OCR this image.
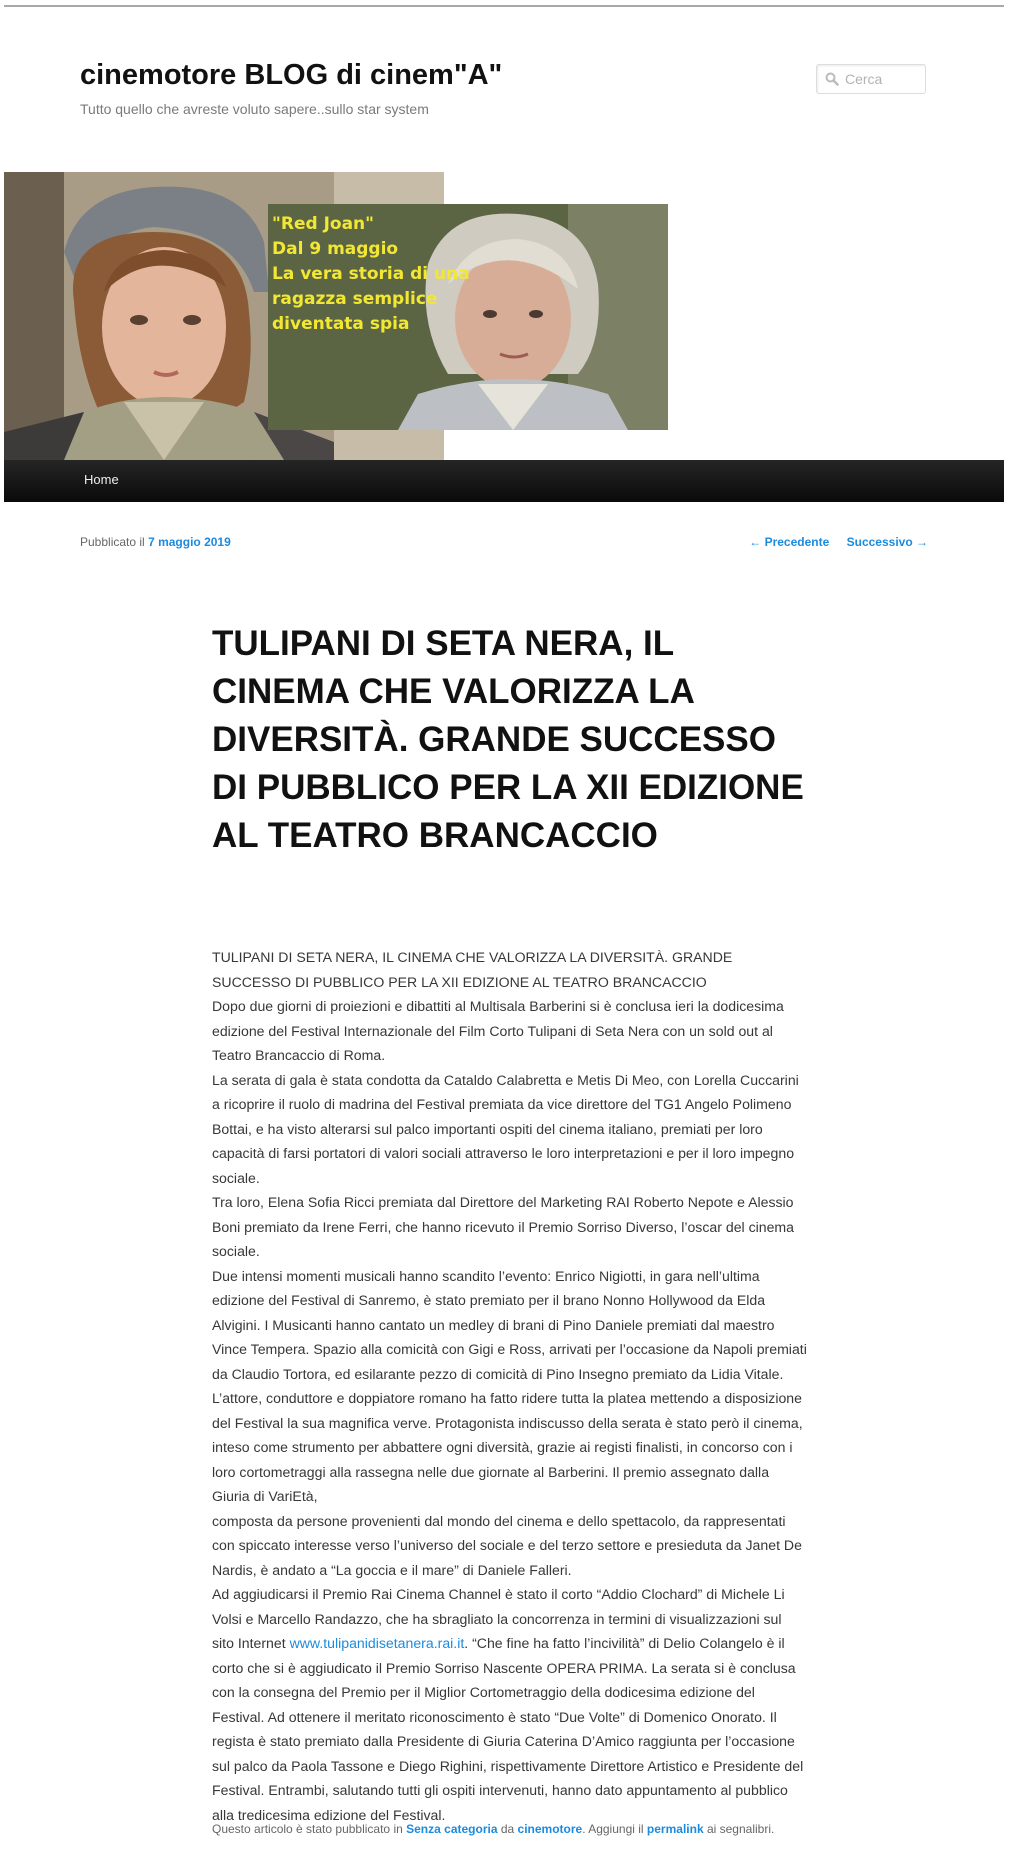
cinemotore BLOG di cinem"A"

Tutto quello che avreste voluto sapere..sullo star system

Cerca
"Red Joan"
Dal 9 maggio
La vera storia di una
ragazza semplice
diventata spia
Home
Pubblicato il 7 maggio 2019	← Precedente Successivo →
TULIPANI DI SETA NERA, IL CINEMA CHE VALORIZZA LA DIVERSITÀ. GRANDE SUCCESSO DI PUBBLICO PER LA XII EDIZIONE AL TEATRO BRANCACCIO

TULIPANI DI SETA NERA, IL CINEMA CHE VALORIZZA LA DIVERSITÀ. GRANDE SUCCESSO DI PUBBLICO PER LA XII EDIZIONE AL TEATRO BRANCACCIO

Dopo due giorni di proiezioni e dibattiti al Multisala Barberini si è conclusa ieri la dodicesima edizione del Festival Internazionale del Film Corto Tulipani di Seta Nera con un sold out al Teatro Brancaccio di Roma.

La serata di gala è stata condotta da Cataldo Calabretta e Metis Di Meo, con Lorella Cuccarini a ricoprire il ruolo di madrina del Festival premiata da vice direttore del TG1 Angelo Polimeno Bottai, e ha visto alterarsi sul palco importanti ospiti del cinema italiano, premiati per loro capacità di farsi portatori di valori sociali attraverso le loro interpretazioni e per il loro impegno sociale.

Tra loro, Elena Sofia Ricci premiata dal Direttore del Marketing RAI Roberto Nepote e Alessio Boni premiato da Irene Ferri, che hanno ricevuto il Premio Sorriso Diverso, l’oscar del cinema sociale.

Due intensi momenti musicali hanno scandito l’evento: Enrico Nigiotti, in gara nell’ultima edizione del Festival di Sanremo, è stato premiato per il brano Nonno Hollywood da Elda Alvigini. I Musicanti hanno cantato un medley di brani di Pino Daniele premiati dal maestro Vince Tempera. Spazio alla comicità con Gigi e Ross, arrivati per l’occasione da Napoli premiati da Claudio Tortora, ed esilarante pezzo di comicità di Pino Insegno premiato da Lidia Vitale. L’attore, conduttore e doppiatore romano ha fatto ridere tutta la platea mettendo a disposizione del Festival la sua magnifica verve. Protagonista indiscusso della serata è stato però il cinema, inteso come strumento per abbattere ogni diversità, grazie ai registi finalisti, in concorso con i loro cortometraggi alla rassegna nelle due giornate al Barberini. Il premio assegnato dalla Giuria di VariEtà,

composta da persone provenienti dal mondo del cinema e dello spettacolo, da rappresentati con spiccato interesse verso l’universo del sociale e del terzo settore e presieduta da Janet De Nardis, è andato a “La goccia e il mare” di Daniele Falleri.

Ad aggiudicarsi il Premio Rai Cinema Channel è stato il corto “Addio Clochard” di Michele Li Volsi e Marcello Randazzo, che ha sbragliato la concorrenza in termini di visualizzazioni sul sito Internet www.tulipanidisetanera.rai.it. “Che fine ha fatto l’incivilità” di Delio Colangelo è il corto che si è aggiudicato il Premio Sorriso Nascente OPERA PRIMA. La serata si è conclusa con la consegna del Premio per il Miglior Cortometraggio della dodicesima edizione del Festival. Ad ottenere il meritato riconoscimento è stato “Due Volte” di Domenico Onorato. Il regista è stato premiato dalla Presidente di Giuria Caterina D’Amico raggiunta per l’occasione sul palco da Paola Tassone e Diego Righini, rispettivamente Direttore Artistico e Presidente del Festival. Entrambi, salutando tutti gli ospiti intervenuti, hanno dato appuntamento al pubblico alla tredicesima edizione del Festival.

Questo articolo è stato pubblicato in Senza categoria da cinemotore. Aggiungi il permalink ai segnalibri.
